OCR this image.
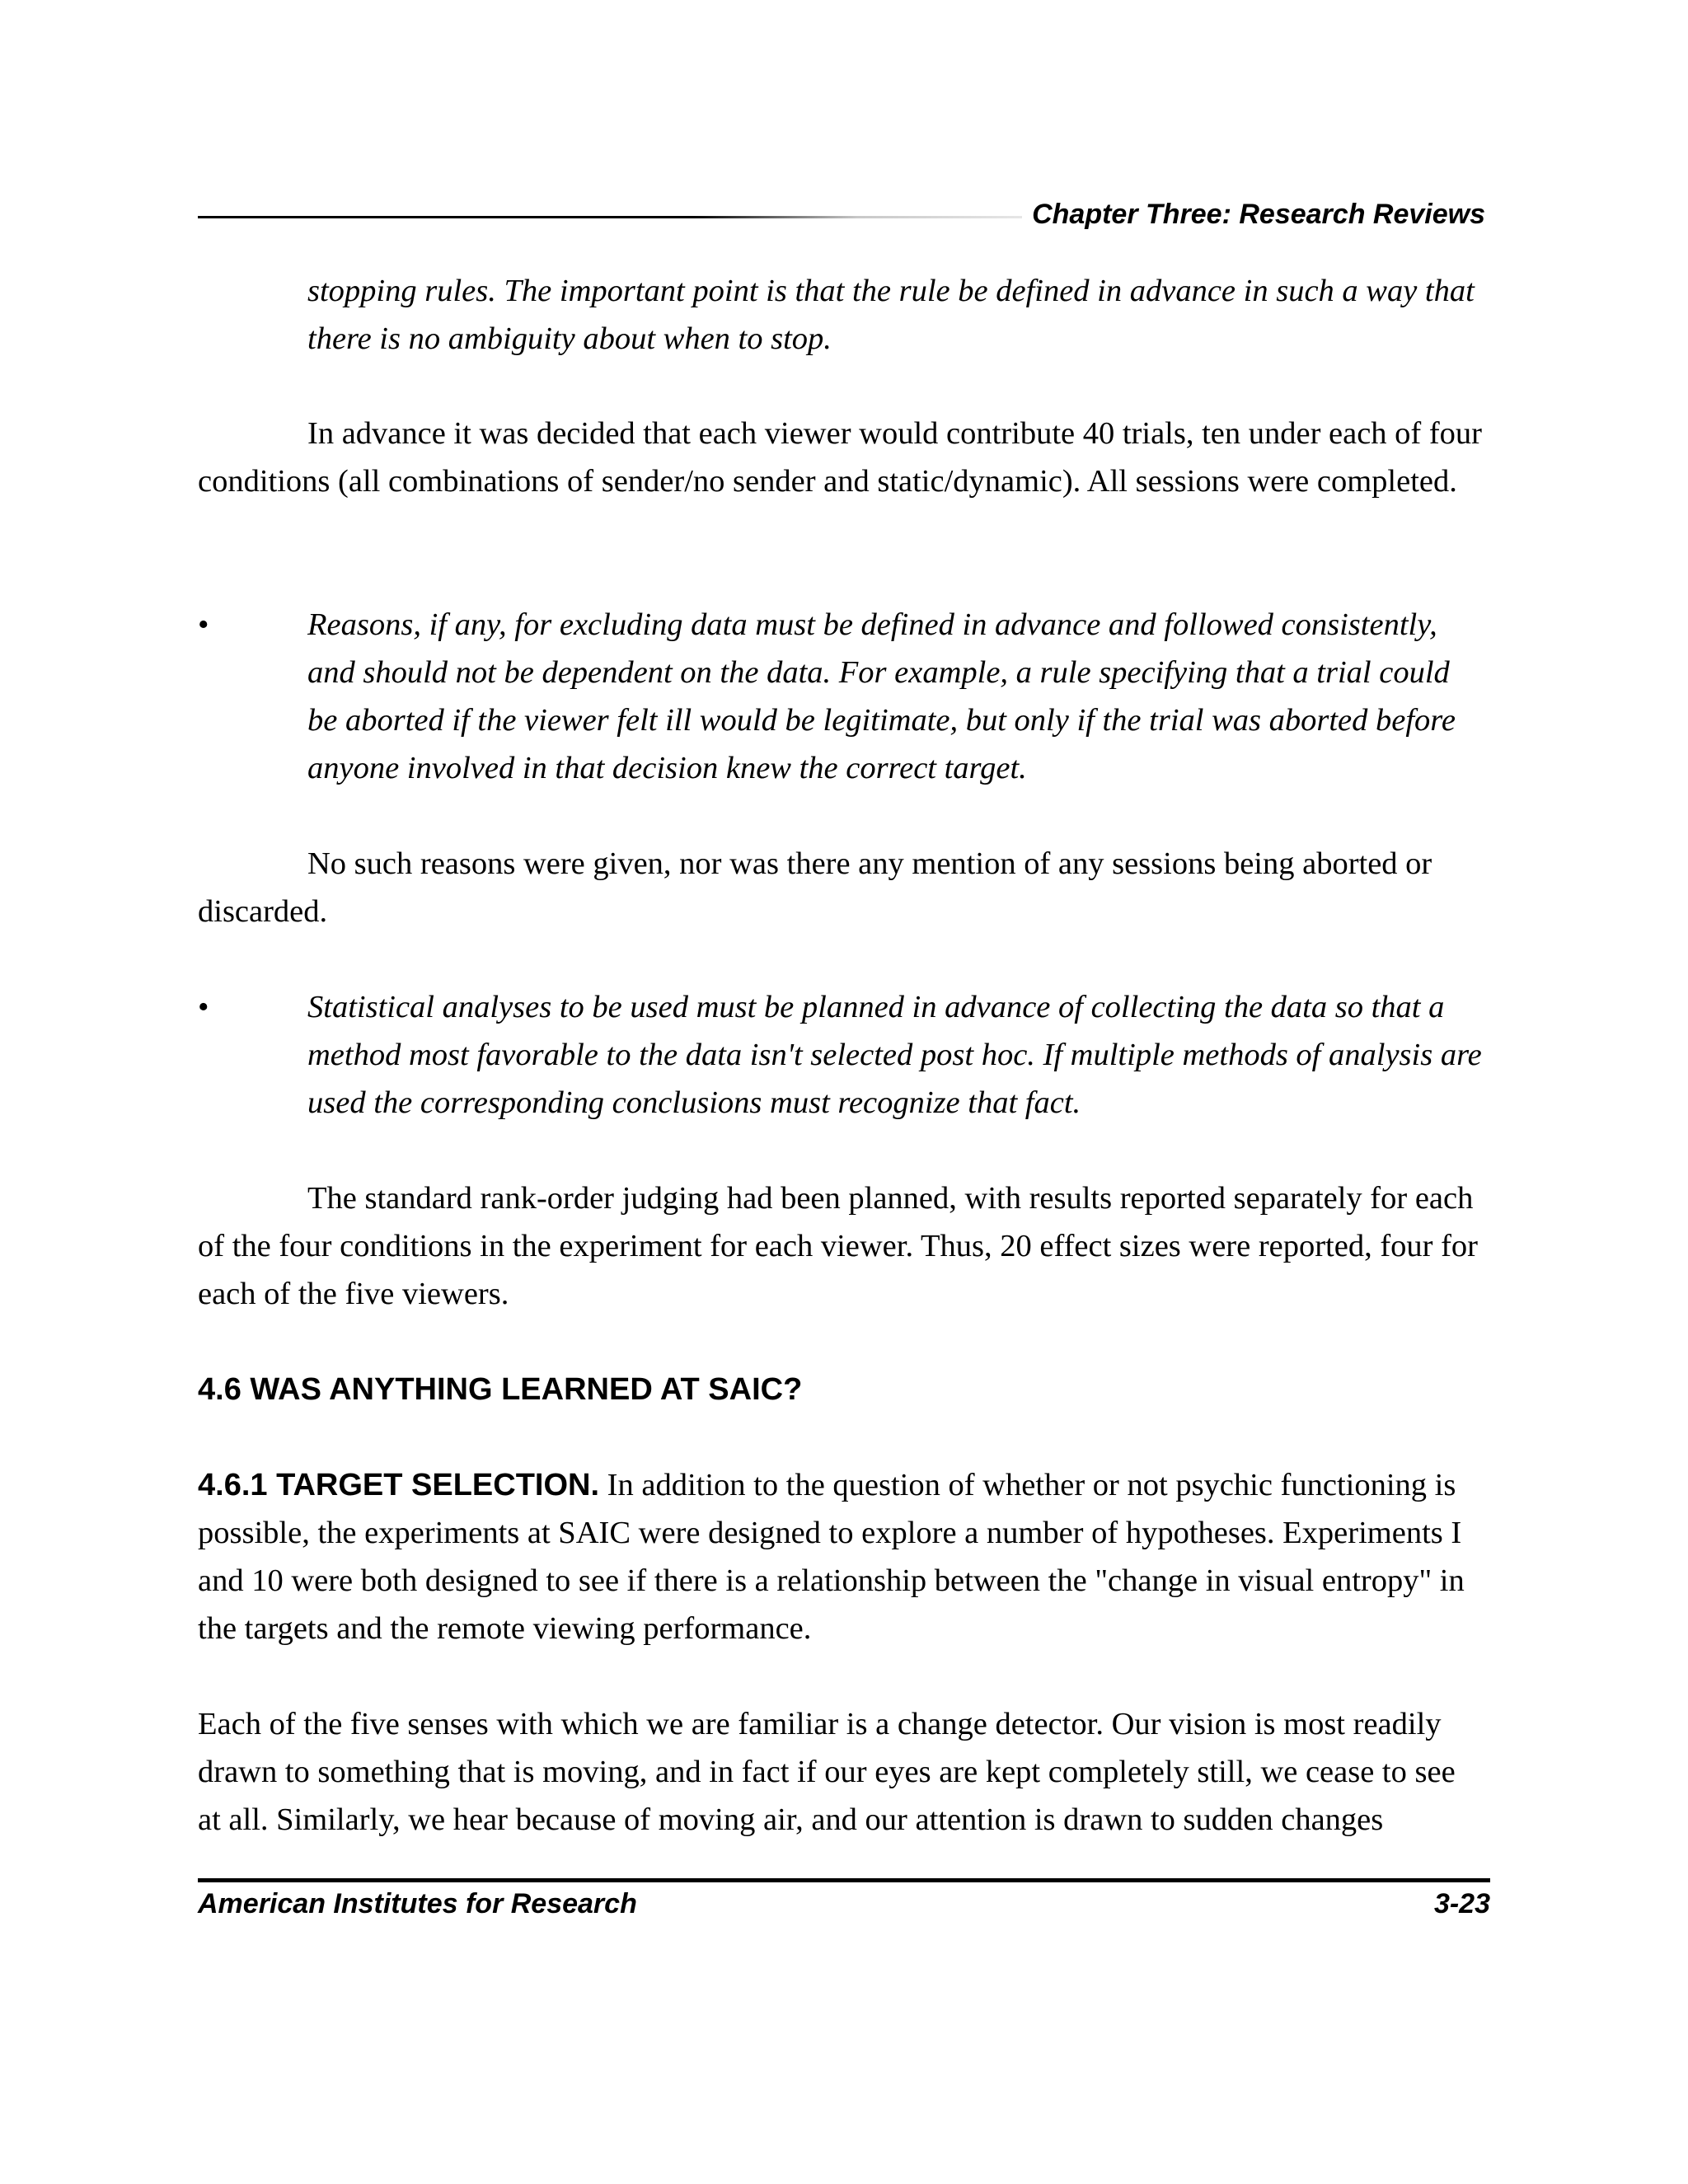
Chapter Three: Research Reviews
stopping rules. The important point is that the rule be defined in advance in such a way that there is no ambiguity about when to stop.
In advance it was decided that each viewer would contribute 40 trials, ten under each of four conditions (all combinations of sender/no sender and static/dynamic). All sessions were completed.
•	Reasons, if any, for excluding data must be defined in advance and followed consistently, and should not be dependent on the data. For example, a rule specifying that a trial could be aborted if the viewer felt ill would be legitimate, but only if the trial was aborted before anyone involved in that decision knew the correct target.
No such reasons were given, nor was there any mention of any sessions being aborted or discarded.
•	Statistical analyses to be used must be planned in advance of collecting the data so that a method most favorable to the data isn't selected post hoc. If multiple methods of analysis are used the corresponding conclusions must recognize that fact.
The standard rank-order judging had been planned, with results reported separately for each of the four conditions in the experiment for each viewer. Thus, 20 effect sizes were reported, four for each of the five viewers.
4.6 WAS ANYTHING LEARNED AT SAIC?
4.6.1 TARGET SELECTION. In addition to the question of whether or not psychic functioning is possible, the experiments at SAIC were designed to explore a number of hypotheses. Experiments I and 10 were both designed to see if there is a relationship between the "change in visual entropy" in the targets and the remote viewing performance.
Each of the five senses with which we are familiar is a change detector. Our vision is most readily drawn to something that is moving, and in fact if our eyes are kept completely still, we cease to see at all. Similarly, we hear because of moving air, and our attention is drawn to sudden changes
American Institutes for Research	3-23
